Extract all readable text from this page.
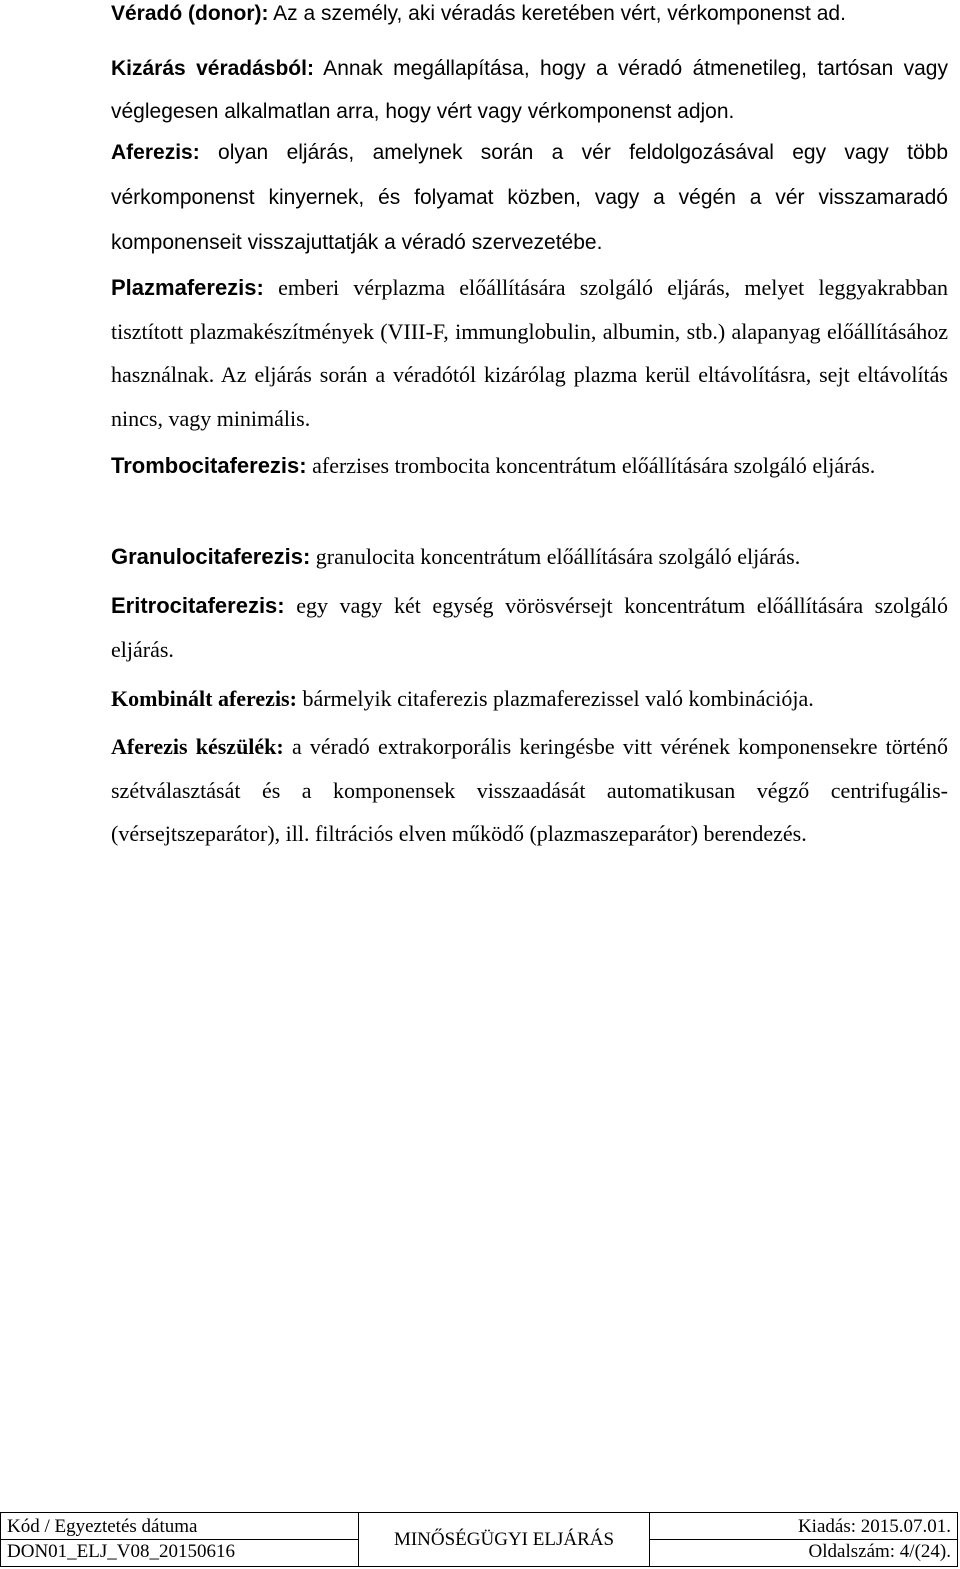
Véradó (donor): Az a személy, aki véradás keretében vért, vérkomponenst ad.

Kizárás véradásból: Annak megállapítása, hogy a véradó átmenetileg, tartósan vagy véglegesen alkalmatlan arra, hogy vért vagy vérkomponenst adjon.

Aferezis: olyan eljárás, amelynek során a vér feldolgozásával egy vagy több vérkomponenst kinyernek, és folyamat közben, vagy a végén a vér visszamaradó komponenseit visszajuttatják a véradó szervezetébe.

Plazmaferezis: emberi vérplazma előállítására szolgáló eljárás, melyet leggyakrabban tisztított plazmakészítmények (VIII-F, immunglobulin, albumin, stb.) alapanyag előállításához használnak. Az eljárás során a véradótól kizárólag plazma kerül eltávolításra, sejt eltávolítás nincs, vagy minimális.

Trombocitaferezis: aferzises trombocita koncentrátum előállítására szolgáló eljárás.

Granulocitaferezis: granulocita koncentrátum előállítására szolgáló eljárás.

Eritrocitaferezis: egy vagy két egység vörösvérsejt koncentrátum előállítására szolgáló eljárás.

Kombinált aferezis: bármelyik citaferezis plazmaferezissel való kombinációja.

Aferezis készülék: a véradó extrakorporális keringésbe vitt vérének komponensekre történő szétválasztását és a komponensek visszaadását automatikusan végző centrifugális- (vérsejtszeparátor), ill. filtrációs elven működő (plazmaszeparátor) berendezés.

Kód / Egyeztetés dátuma
DON01_ELJ_V08_20150616
	MINŐSÉGÜGYI ELJÁRÁS	
Kiadás: 2015.07.01.
Oldalszám: 4/(24).
